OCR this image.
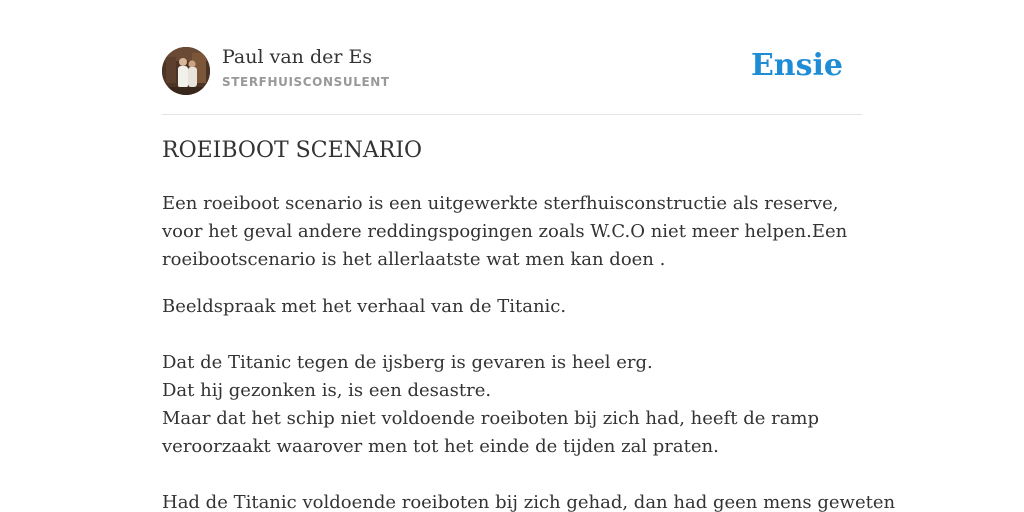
Paul van der Es
STERFHUISCONSULENT	Ensie
ROEIBOOT SCENARIO

Een roeiboot scenario is een uitgewerkte sterfhuisconstructie als reserve, voor het geval andere reddingspogingen zoals W.C.O niet meer helpen.Een roeibootscenario is het allerlaatste wat men kan doen .

Beeldspraak met het verhaal van de Titanic.
Dat de Titanic tegen de ijsberg is gevaren is heel erg.
Dat hij gezonken is, is een desastre.
Maar dat het schip niet voldoende roeiboten bij zich had, heeft de ramp veroorzaakt waarover men tot het einde de tijden zal praten.
Had de Titanic voldoende roeiboten bij zich gehad, dan had geen mens geweten
